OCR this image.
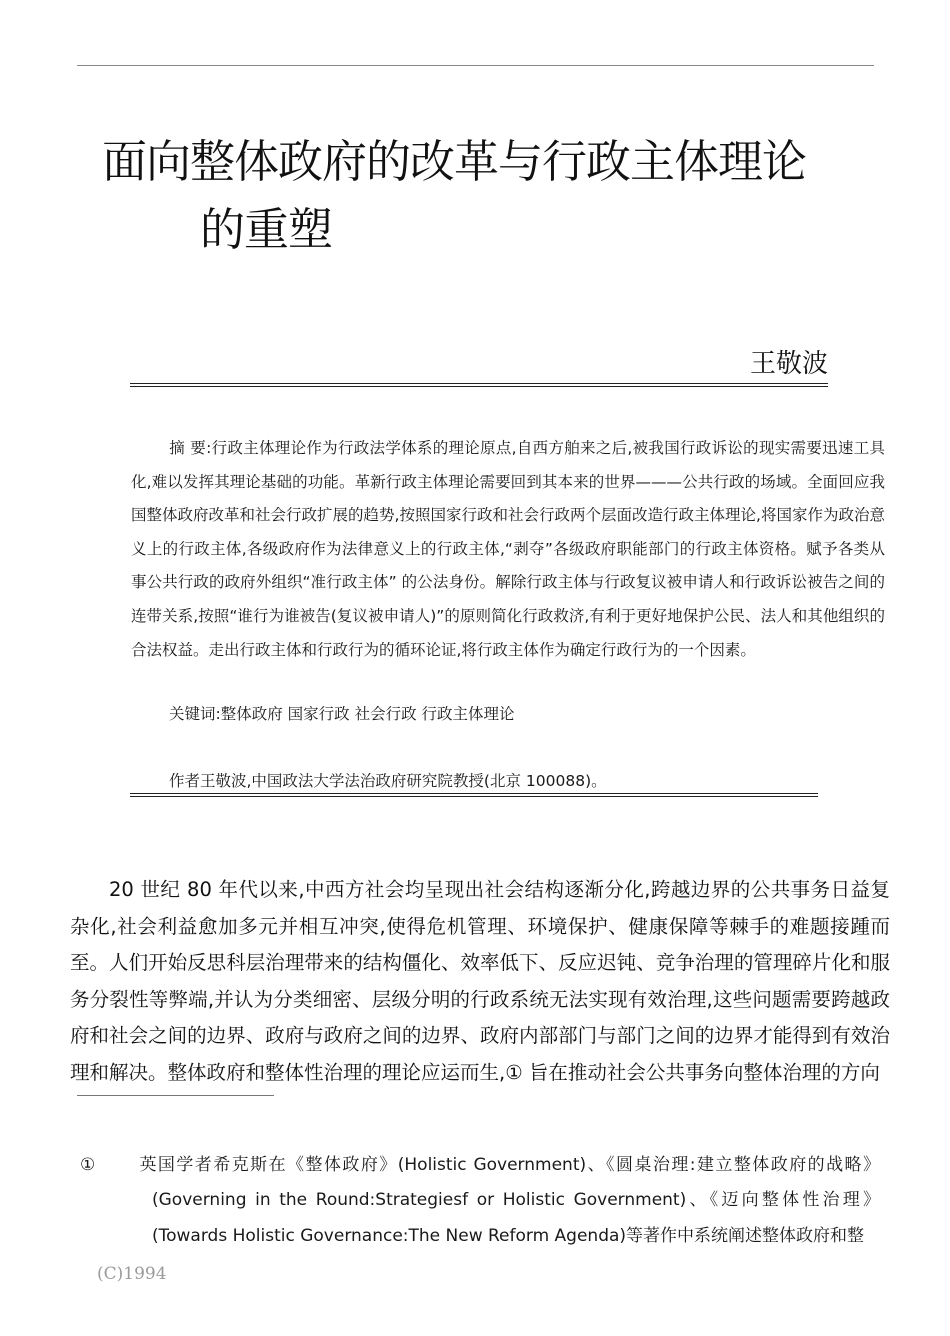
面向整体政府的改革与行政主体理论
的重塑
王敬波
摘 要:行政主体理论作为行政法学体系的理论原点,自西方舶来之后,被我国行政诉讼的现实需要迅速工具化,难以发挥其理论基础的功能。革新行政主体理论需要回到其本来的世界———公共行政的场域。全面回应我国整体政府改革和社会行政扩展的趋势,按照国家行政和社会行政两个层面改造行政主体理论,将国家作为政治意义上的行政主体,各级政府作为法律意义上的行政主体,“剥夺”各级政府职能部门的行政主体资格。赋予各类从事公共行政的政府外组织“准行政主体” 的公法身份。解除行政主体与行政复议被申请人和行政诉讼被告之间的连带关系,按照“谁行为谁被告(复议被申请人)”的原则简化行政救济,有利于更好地保护公民、法人和其他组织的合法权益。走出行政主体和行政行为的循环论证,将行政主体作为确定行政行为的一个因素。
关键词:整体政府 国家行政 社会行政 行政主体理论
作者王敬波,中国政法大学法治政府研究院教授(北京 100088)。
20 世纪 80 年代以来,中西方社会均呈现出社会结构逐渐分化,跨越边界的公共事务日益复杂化,社会利益愈加多元并相互冲突,使得危机管理、环境保护、健康保障等棘手的难题接踵而至。人们开始反思科层治理带来的结构僵化、效率低下、反应迟钝、竞争治理的管理碎片化和服务分裂性等弊端,并认为分类细密、层级分明的行政系统无法实现有效治理,这些问题需要跨越政府和社会之间的边界、政府与政府之间的边界、政府内部部门与部门之间的边界才能得到有效治理和解决。整体政府和整体性治理的理论应运而生,① 旨在推动社会公共事务向整体治理的方向
①	英国学者希克斯在《整体政府》(Holistic Government)、《圆桌治理:建立整体政府的战略》(Governing in the Round:Strategiesf or Holistic Government)、《迈向整体性治理》(Towards Holistic Governance:The New Reform Agenda)等著作中系统阐述整体政府和整
(C)1994
